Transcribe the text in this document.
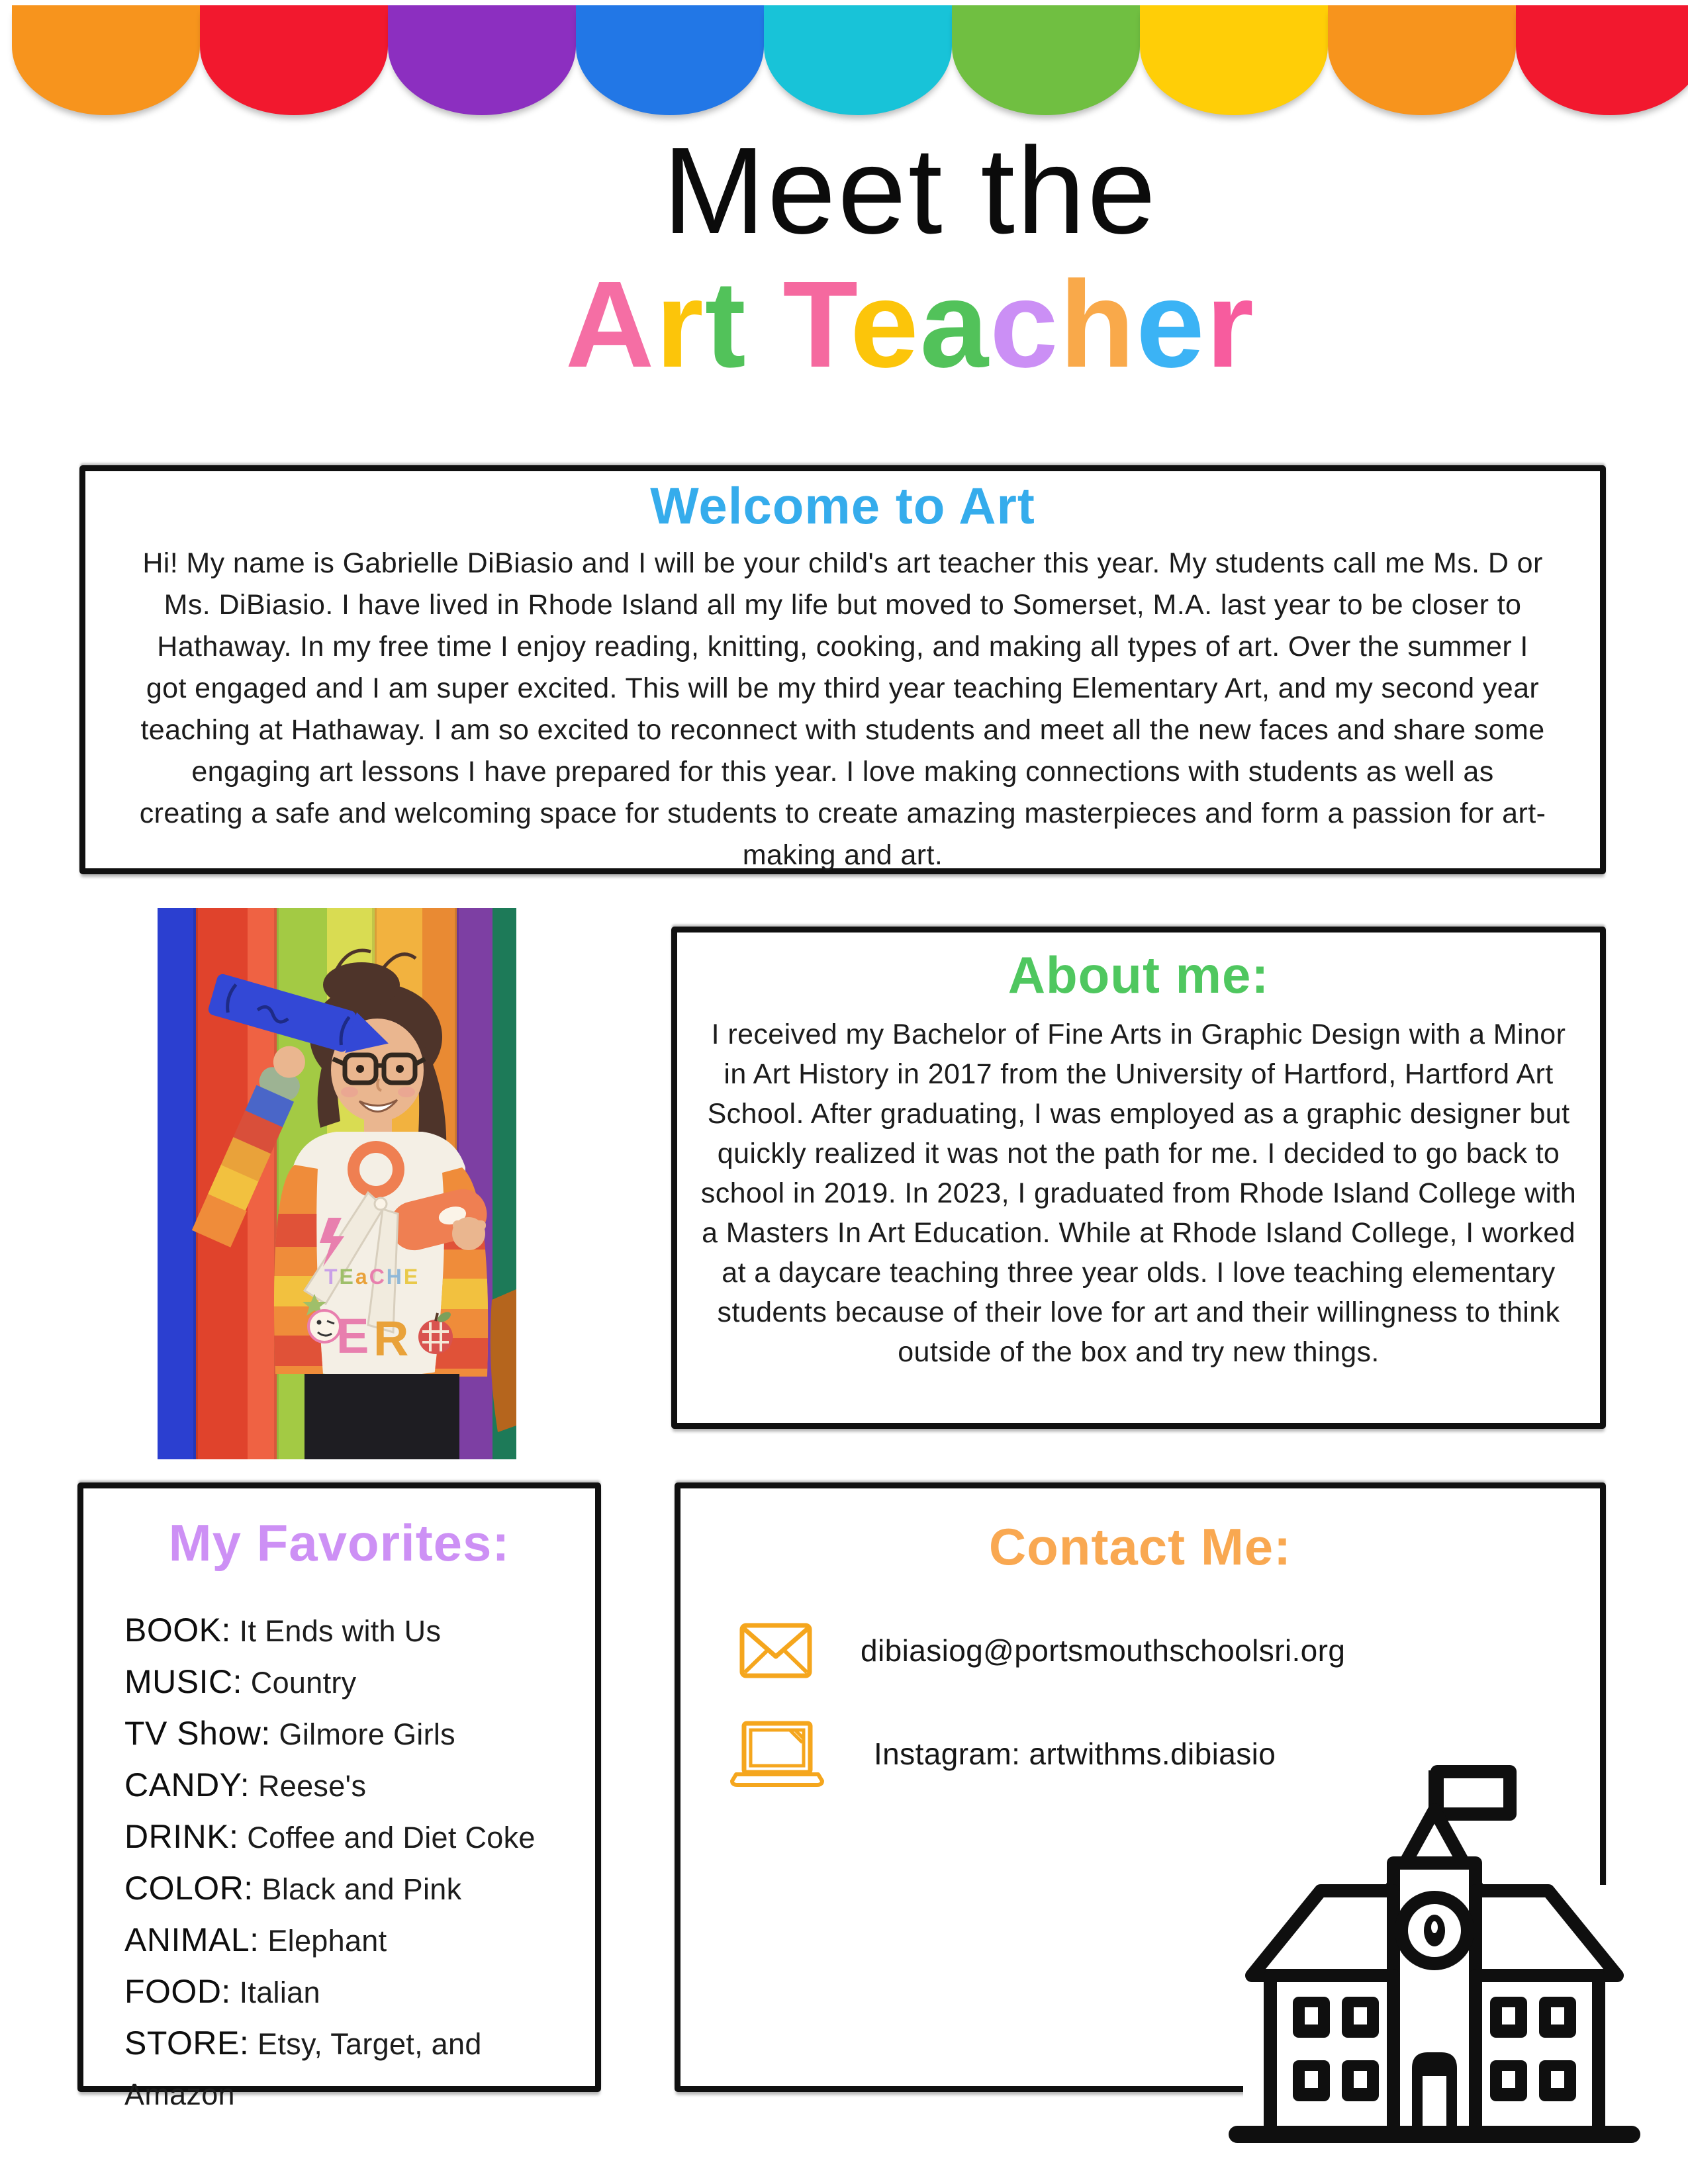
Meet the
Art Teacher
Welcome to Art

Hi! My name is Gabrielle DiBiasio and I will be your child's art teacher this year. My students call me Ms. D or Ms. DiBiasio. I have lived in Rhode Island all my life but moved to Somerset, M.A. last year to be closer to Hathaway. In my free time I enjoy reading, knitting, cooking, and making all types of art. Over the summer I got engaged and I am super excited. This will be my third year teaching Elementary Art, and my second year teaching at Hathaway. I am so excited to reconnect with students and meet all the new faces and share some engaging art lessons I have prepared for this year. I love making connections with students as well as creating a safe and welcoming space for students to create amazing masterpieces and form a passion for art- making and art.

TEaCHE
E R
About me:

I received my Bachelor of Fine Arts in Graphic Design with a Minor in Art History in 2017 from the University of Hartford, Hartford Art School. After graduating, I was employed as a graphic designer but quickly realized it was not the path for me. I decided to go back to school in 2019. In 2023, I graduated from Rhode Island College with a Masters In Art Education. While at Rhode Island College, I worked at a daycare teaching three year olds. I love teaching elementary students because of their love for art and their willingness to think outside of the box and try new things.

My Favorites:
BOOK: It Ends with Us
MUSIC: Country
TV Show: Gilmore Girls
CANDY: Reese's
DRINK: Coffee and Diet Coke
COLOR: Black and Pink
ANIMAL: Elephant
FOOD: Italian
STORE: Etsy, Target, and Amazon
Contact Me:
dibiasiog@portsmouthschoolsri.org
Instagram: artwithms.dibiasio
